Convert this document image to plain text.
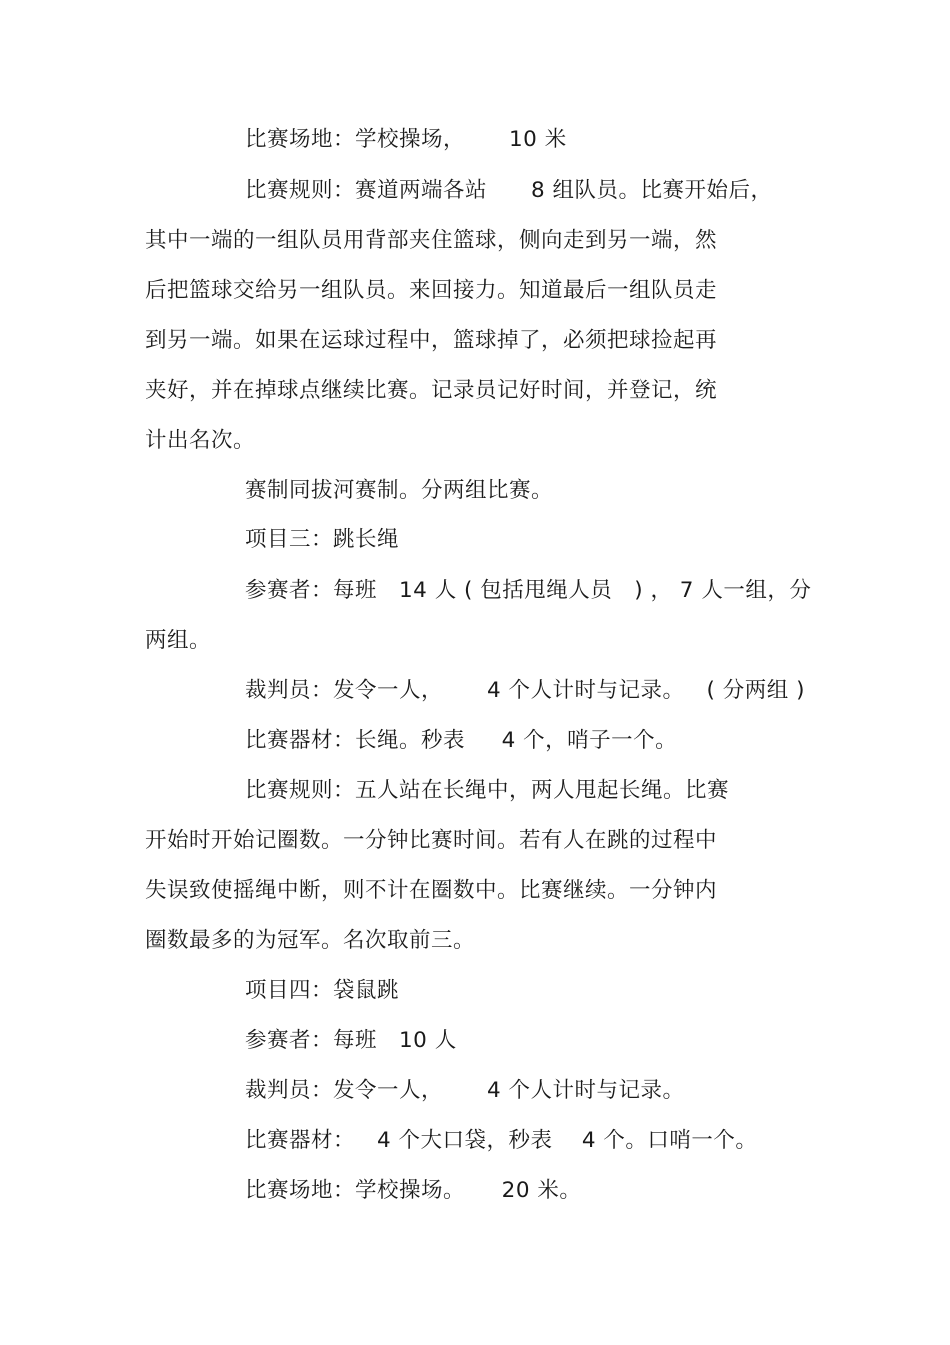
比赛场地：学校操场，      10 米
比赛规则：赛道两端各站      8 组队员。比赛开始后，
其中一端的一组队员用背部夹住篮球，侧向走到另一端，然
后把篮球交给另一组队员。来回接力。知道最后一组队员走
到另一端。如果在运球过程中，篮球掉了，必须把球捡起再
夹好，并在掉球点继续比赛。记录员记好时间，并登记，统
计出名次。
赛制同拔河赛制。分两组比赛。
项目三：跳长绳
参赛者：每班   14 人 ( 包括甩绳人员   ) ， 7 人一组，分
两组。
裁判员：发令一人，      4 个人计时与记录。   ( 分两组 )
比赛器材：长绳。秒表     4 个，哨子一个。
比赛规则：五人站在长绳中，两人甩起长绳。比赛
开始时开始记圈数。一分钟比赛时间。若有人在跳的过程中
失误致使摇绳中断，则不计在圈数中。比赛继续。一分钟内
圈数最多的为冠军。名次取前三。
项目四：袋鼠跳
参赛者：每班   10 人
裁判员：发令一人，      4 个人计时与记录。
比赛器材：   4 个大口袋，秒表    4 个。口哨一个。
比赛场地：学校操场。     20 米。
